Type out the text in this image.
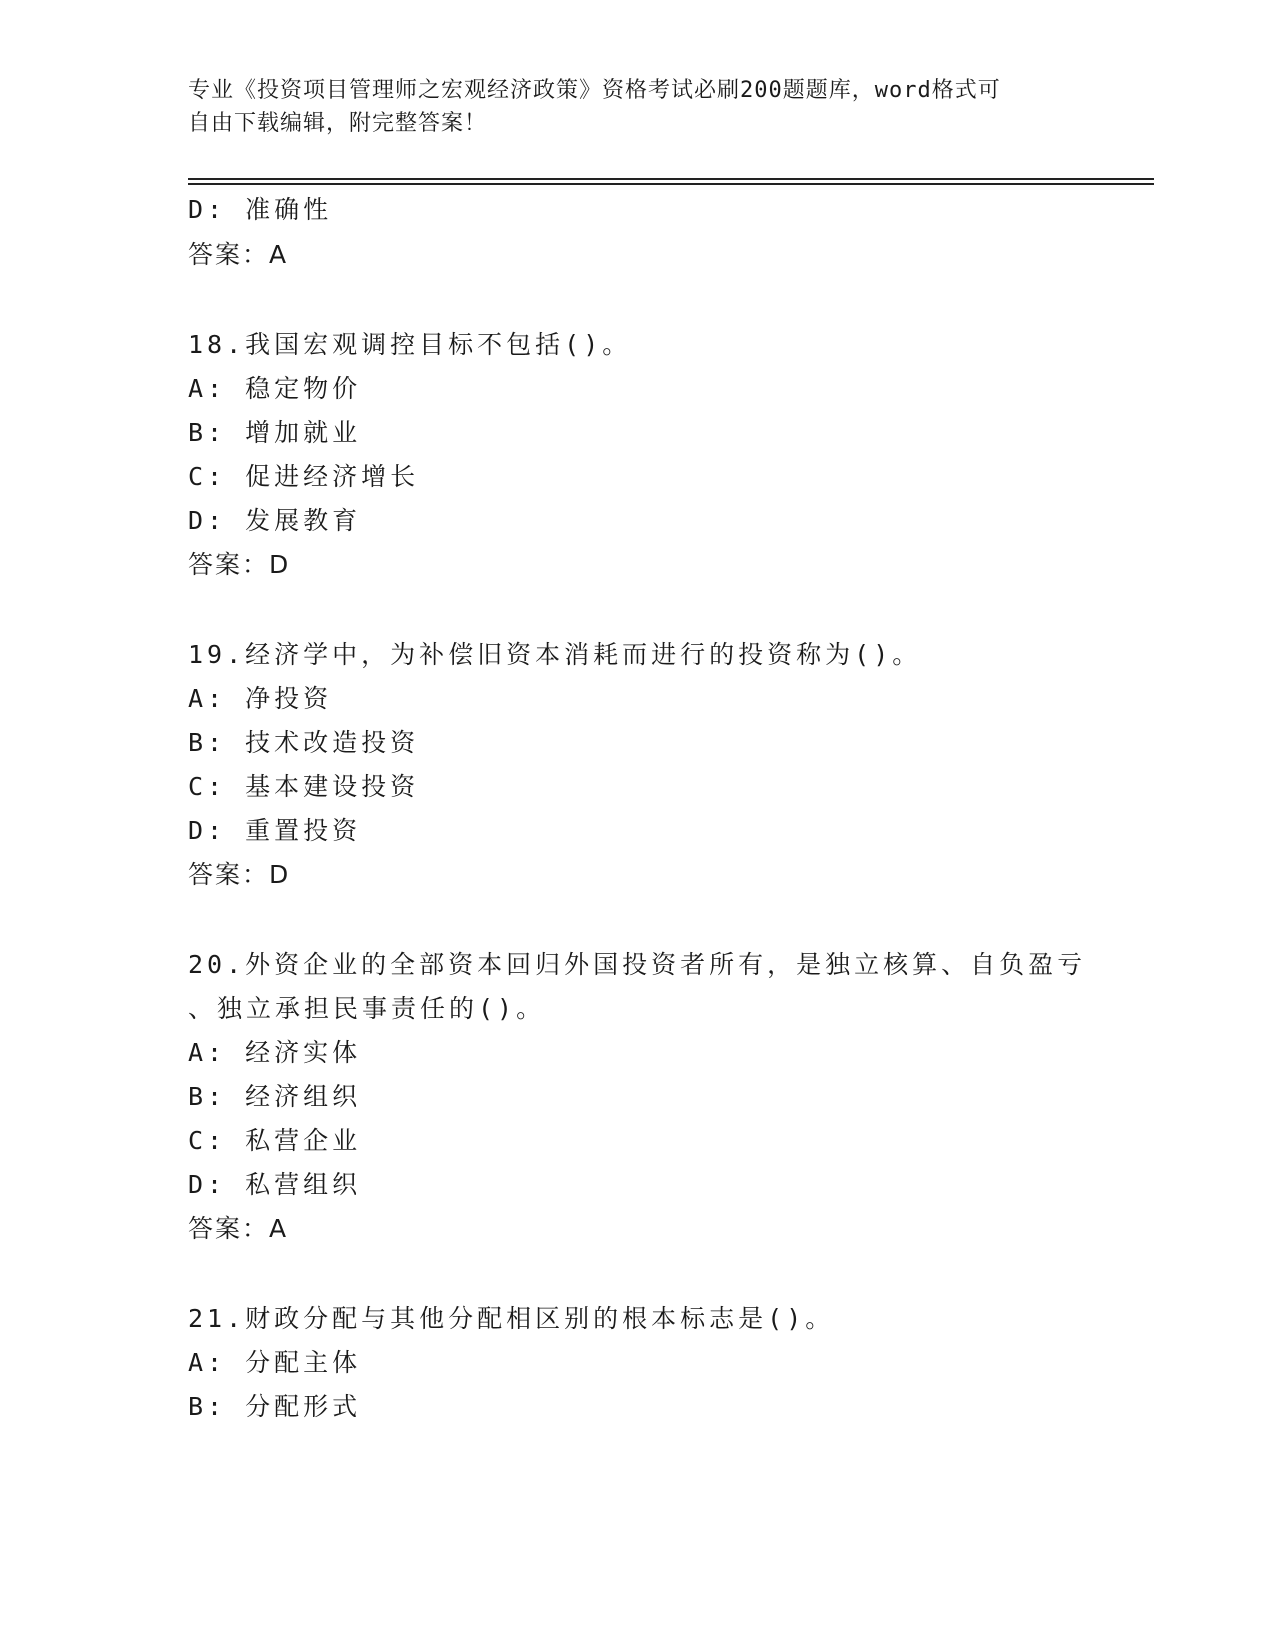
专业《投资项目管理师之宏观经济政策》资格考试必刷200题题库，word格式可
自由下载编辑，附完整答案！
D: 准确性
答案：A
18.我国宏观调控目标不包括()。
A: 稳定物价
B: 增加就业
C: 促进经济增长
D: 发展教育
答案：D
19.经济学中，为补偿旧资本消耗而进行的投资称为()。
A: 净投资
B: 技术改造投资
C: 基本建设投资
D: 重置投资
答案：D
20.外资企业的全部资本回归外国投资者所有，是独立核算、自负盈亏
、独立承担民事责任的()。
A: 经济实体
B: 经济组织
C: 私营企业
D: 私营组织
答案：A
21.财政分配与其他分配相区别的根本标志是()。
A: 分配主体
B: 分配形式
